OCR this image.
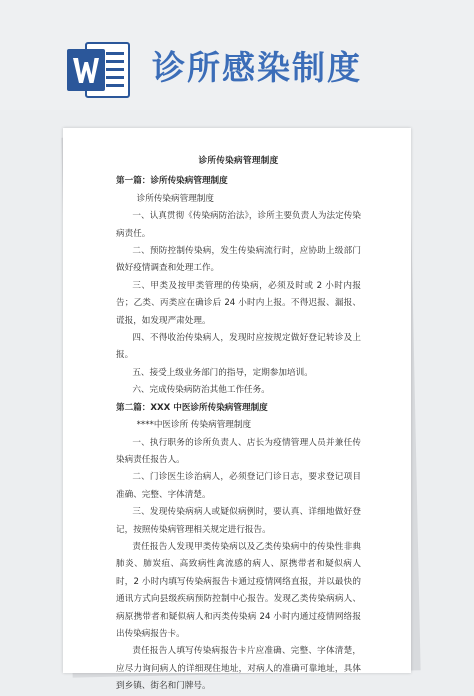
诊所感染制度
诊所传染病管理制度

第一篇：诊所传染病管理制度

诊所传染病管理制度

一、认真贯彻《传染病防治法》，诊所主要负责人为法定传染病责任。

二、预防控制传染病，发生传染病流行时，应协助上级部门做好疫情调查和处理工作。

三、甲类及按甲类管理的传染病，必须及时或 2 小时内报告；乙类、丙类应在确诊后 24 小时内上报。不得迟报、漏报、谎报，如发现严肃处理。

四、不得收治传染病人，发现时应按规定做好登记转诊及上报。

五、接受上级业务部门的指导，定期参加培训。

六、完成传染病防治其他工作任务。

第二篇：XXX 中医诊所传染病管理制度

****中医诊所 传染病管理制度

一、执行职务的诊所负责人、店长为疫情管理人员并兼任传染病责任报告人。

二、门诊医生诊治病人，必须登记门诊日志，要求登记项目准确、完整、字体清楚。

三、发现传染病病人或疑似病例时，要认真、详细地做好登记，按照传染病管理相关规定进行报告。

责任报告人发现甲类传染病以及乙类传染病中的传染性非典肺炎、肺炭疽、高致病性禽流感的病人、原携带者和疑似病人时，2 小时内填写传染病报告卡通过疫情网络直报，并以最快的通讯方式向县级疾病预防控制中心报告。发现乙类传染病病人、病原携带者和疑似病人和丙类传染病 24 小时内通过疫情网络报出传染病报告卡。

责任报告人填写传染病报告卡片应准确、完整、字体清楚，应尽力询问病人的详细现住地址，对病人的准确可靠地址，具体到乡镇、街名和门牌号。
